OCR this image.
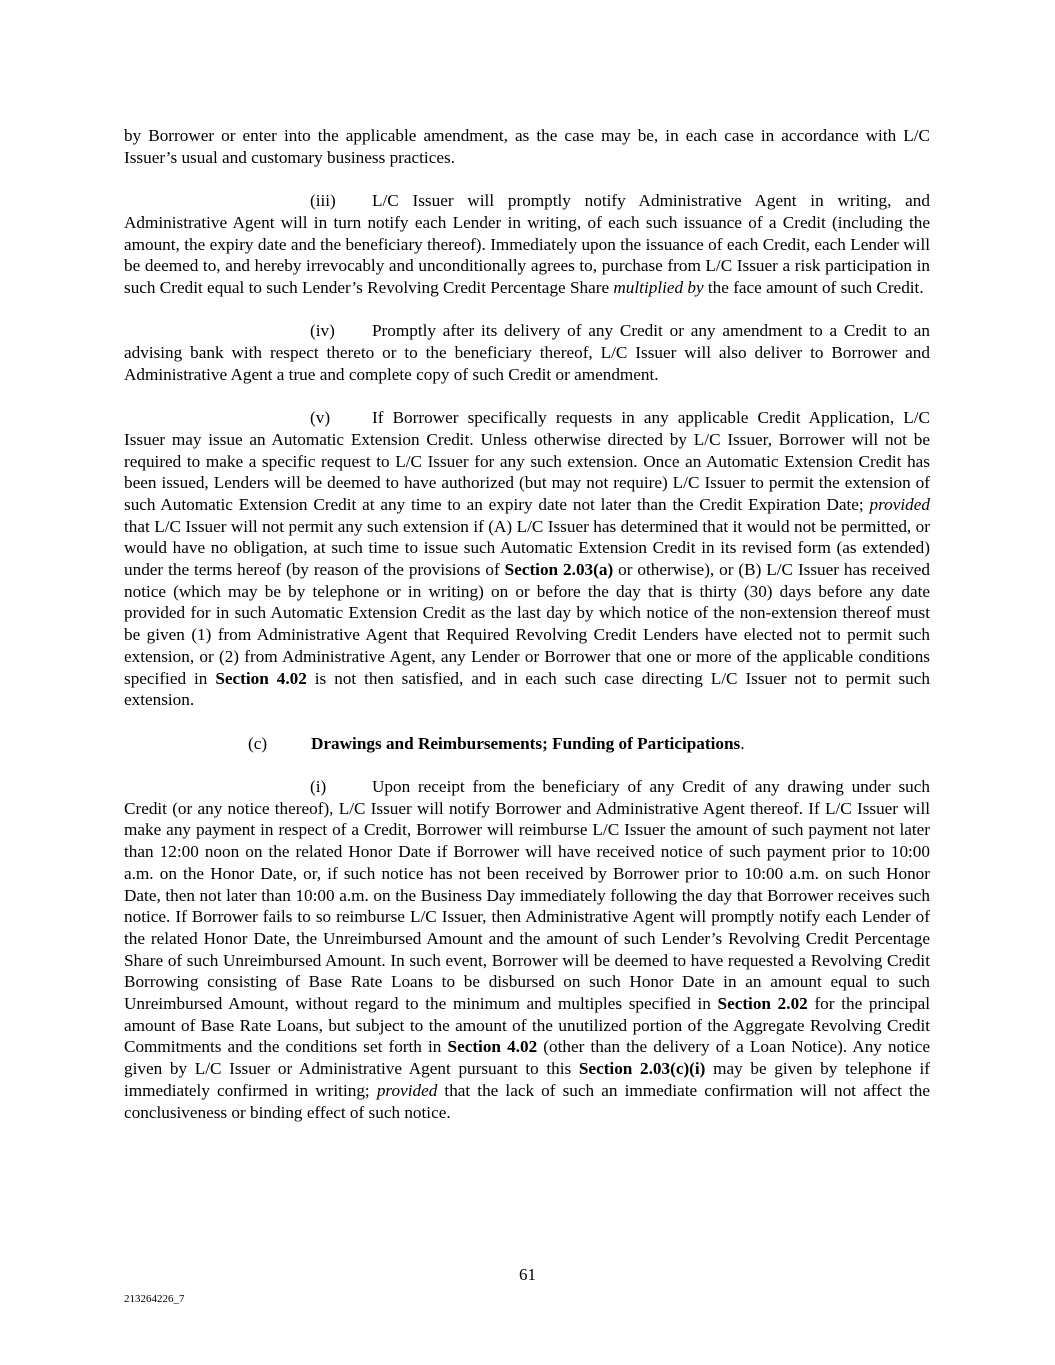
by Borrower or enter into the applicable amendment, as the case may be, in each case in accordance with L/C Issuer’s usual and customary business practices.

(iii) L/C Issuer will promptly notify Administrative Agent in writing, and Administrative Agent will in turn notify each Lender in writing, of each such issuance of a Credit (including the amount, the expiry date and the beneficiary thereof). Immediately upon the issuance of each Credit, each Lender will be deemed to, and hereby irrevocably and unconditionally agrees to, purchase from L/C Issuer a risk participation in such Credit equal to such Lender’s Revolving Credit Percentage Share multiplied by the face amount of such Credit.

(iv) Promptly after its delivery of any Credit or any amendment to a Credit to an advising bank with respect thereto or to the beneficiary thereof, L/C Issuer will also deliver to Borrower and Administrative Agent a true and complete copy of such Credit or amendment.

(v) If Borrower specifically requests in any applicable Credit Application, L/C Issuer may issue an Automatic Extension Credit. Unless otherwise directed by L/C Issuer, Borrower will not be required to make a specific request to L/C Issuer for any such extension. Once an Automatic Extension Credit has been issued, Lenders will be deemed to have authorized (but may not require) L/C Issuer to permit the extension of such Automatic Extension Credit at any time to an expiry date not later than the Credit Expiration Date; provided that L/C Issuer will not permit any such extension if (A) L/C Issuer has determined that it would not be permitted, or would have no obligation, at such time to issue such Automatic Extension Credit in its revised form (as extended) under the terms hereof (by reason of the provisions of Section 2.03(a) or otherwise), or (B) L/C Issuer has received notice (which may be by telephone or in writing) on or before the day that is thirty (30) days before any date provided for in such Automatic Extension Credit as the last day by which notice of the non-extension thereof must be given (1) from Administrative Agent that Required Revolving Credit Lenders have elected not to permit such extension, or (2) from Administrative Agent, any Lender or Borrower that one or more of the applicable conditions specified in Section 4.02 is not then satisfied, and in each such case directing L/C Issuer not to permit such extension.

(c)	Drawings and Reimbursements; Funding of Participations.

(i)	Upon receipt from the beneficiary of any Credit of any drawing under such Credit (or any notice thereof), L/C Issuer will notify Borrower and Administrative Agent thereof. If L/C Issuer will make any payment in respect of a Credit, Borrower will reimburse L/C Issuer the amount of such payment not later than 12:00 noon on the related Honor Date if Borrower will have received notice of such payment prior to 10:00 a.m. on the Honor Date, or, if such notice has not been received by Borrower prior to 10:00 a.m. on such Honor Date, then not later than 10:00 a.m. on the Business Day immediately following the day that Borrower receives such notice. If Borrower fails to so reimburse L/C Issuer, then Administrative Agent will promptly notify each Lender of the related Honor Date, the Unreimbursed Amount and the amount of such Lender’s Revolving Credit Percentage Share of such Unreimbursed Amount. In such event, Borrower will be deemed to have requested a Revolving Credit Borrowing consisting of Base Rate Loans to be disbursed on such Honor Date in an amount equal to such Unreimbursed Amount, without regard to the minimum and multiples specified in Section 2.02 for the principal amount of Base Rate Loans, but subject to the amount of the unutilized portion of the Aggregate Revolving Credit Commitments and the conditions set forth in Section 4.02 (other than the delivery of a Loan Notice). Any notice given by L/C Issuer or Administrative Agent pursuant to this Section 2.03(c)(i) may be given by telephone if immediately confirmed in writing; provided that the lack of such an immediate confirmation will not affect the conclusiveness or binding effect of such notice.

61
213264226_7
